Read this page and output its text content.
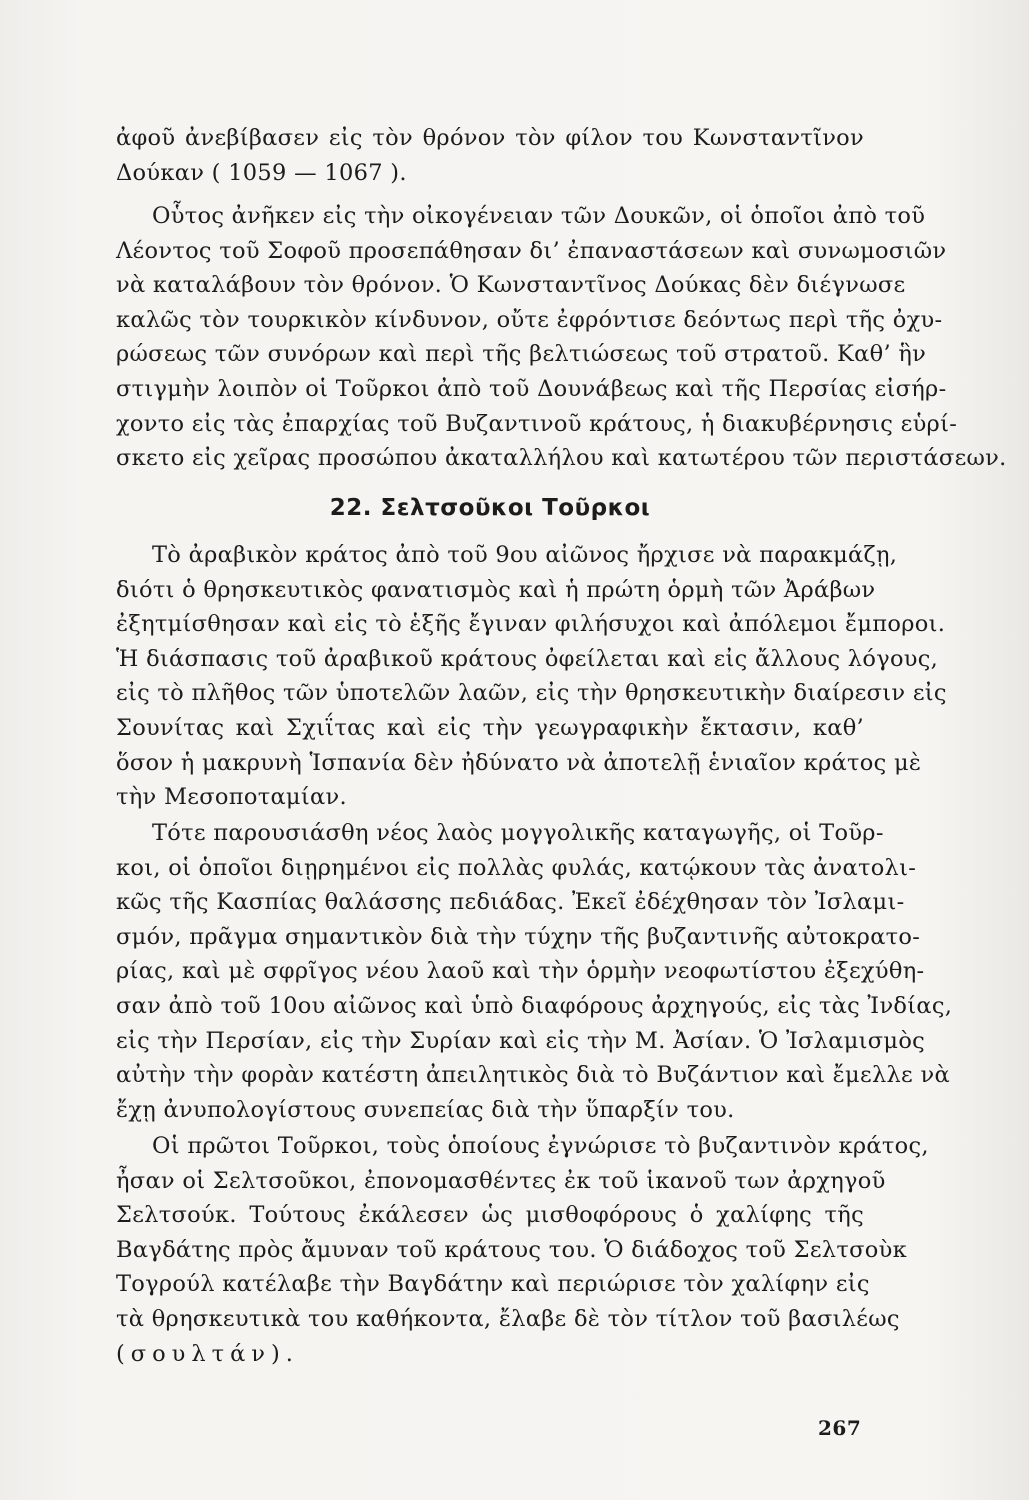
ἀφοῦ ἀνεβίβασεν εἰς τὸν θρόνον τὸν φίλον του Κωνσταντῖνον
Δούκαν ( 1059 — 1067 ).
Οὗτος ἀνῆκεν εἰς τὴν οἰκογένειαν τῶν Δουκῶν, οἱ ὁποῖοι ἀπὸ τοῦ
Λέοντος τοῦ Σοφοῦ προσεπάθησαν δι’ ἐπαναστάσεων καὶ συνωμοσιῶν
νὰ καταλάβουν τὸν θρόνον. Ὁ Κωνσταντῖνος Δούκας δὲν διέγνωσε
καλῶς τὸν τουρκικὸν κίνδυνον, οὔτε ἐφρόντισε δεόντως περὶ τῆς ὀχυ-
ρώσεως τῶν συνόρων καὶ περὶ τῆς βελτιώσεως τοῦ στρατοῦ. Καθ’ ἣν
στιγμὴν λοιπὸν οἱ Τοῦρκοι ἀπὸ τοῦ Δουνάβεως καὶ τῆς Περσίας εἰσήρ-
χοντο εἰς τὰς ἐπαρχίας τοῦ Βυζαντινοῦ κράτους, ἡ διακυβέρνησις εὑρί-
σκετο εἰς χεῖρας προσώπου ἀκαταλλήλου καὶ κατωτέρου τῶν περιστάσεων.
22. Σελτσοῦκοι Τοῦρκοι
Τὸ ἀραβικὸν κράτος ἀπὸ τοῦ 9ου αἰῶνος ἤρχισε νὰ παρακμάζῃ,
διότι ὁ θρησκευτικὸς φανατισμὸς καὶ ἡ πρώτη ὁρμὴ τῶν Ἀράβων
ἐξητμίσθησαν καὶ εἰς τὸ ἑξῆς ἔγιναν φιλήσυχοι καὶ ἀπόλεμοι ἔμποροι.
Ἡ διάσπασις τοῦ ἀραβικοῦ κράτους ὀφείλεται καὶ εἰς ἄλλους λόγους,
εἰς τὸ πλῆθος τῶν ὑποτελῶν λαῶν, εἰς τὴν θρησκευτικὴν διαίρεσιν εἰς
Σουνίτας καὶ Σχιΐτας καὶ εἰς τὴν γεωγραφικὴν ἔκτασιν, καθ’
ὅσον ἡ μακρυνὴ Ἱσπανία δὲν ἠδύνατο νὰ ἀποτελῇ ἑνιαῖον κράτος μὲ
τὴν Μεσοποταμίαν.
Τότε παρουσιάσθη νέος λαὸς μογγολικῆς καταγωγῆς, οἱ Τοῦρ-
κοι, οἱ ὁποῖοι διῃρημένοι εἰς πολλὰς φυλάς, κατῴκουν τὰς ἀνατολι-
κῶς τῆς Κασπίας θαλάσσης πεδιάδας. Ἐκεῖ ἐδέχθησαν τὸν Ἰσλαμι-
σμόν, πρᾶγμα σημαντικὸν διὰ τὴν τύχην τῆς βυζαντινῆς αὐτοκρατο-
ρίας, καὶ μὲ σφρῖγος νέου λαοῦ καὶ τὴν ὁρμὴν νεοφωτίστου ἐξεχύθη-
σαν ἀπὸ τοῦ 10ου αἰῶνος καὶ ὑπὸ διαφόρους ἀρχηγούς, εἰς τὰς Ἰνδίας,
εἰς τὴν Περσίαν, εἰς τὴν Συρίαν καὶ εἰς τὴν Μ. Ἀσίαν. Ὁ Ἰσλαμισμὸς
αὐτὴν τὴν φορὰν κατέστη ἀπειλητικὸς διὰ τὸ Βυζάντιον καὶ ἔμελλε νὰ
ἔχῃ ἀνυπολογίστους συνεπείας διὰ τὴν ὕπαρξίν του.
Οἱ πρῶτοι Τοῦρκοι, τοὺς ὁποίους ἐγνώρισε τὸ βυζαντινὸν κράτος,
ἦσαν οἱ Σελτσοῦκοι, ἐπονομασθέντες ἐκ τοῦ ἱκανοῦ των ἀρχηγοῦ
Σελτσούκ. Τούτους ἐκάλεσεν ὡς μισθοφόρους ὁ χαλίφης τῆς
Βαγδάτης πρὸς ἄμυναν τοῦ κράτους του. Ὁ διάδοχος τοῦ Σελτσοὺκ
Τογρούλ κατέλαβε τὴν Βαγδάτην καὶ περιώρισε τὸν χαλίφην εἰς
τὰ θρησκευτικὰ του καθήκοντα, ἔλαβε δὲ τὸν τίτλον τοῦ βασιλέως
(σουλτάν).
267
